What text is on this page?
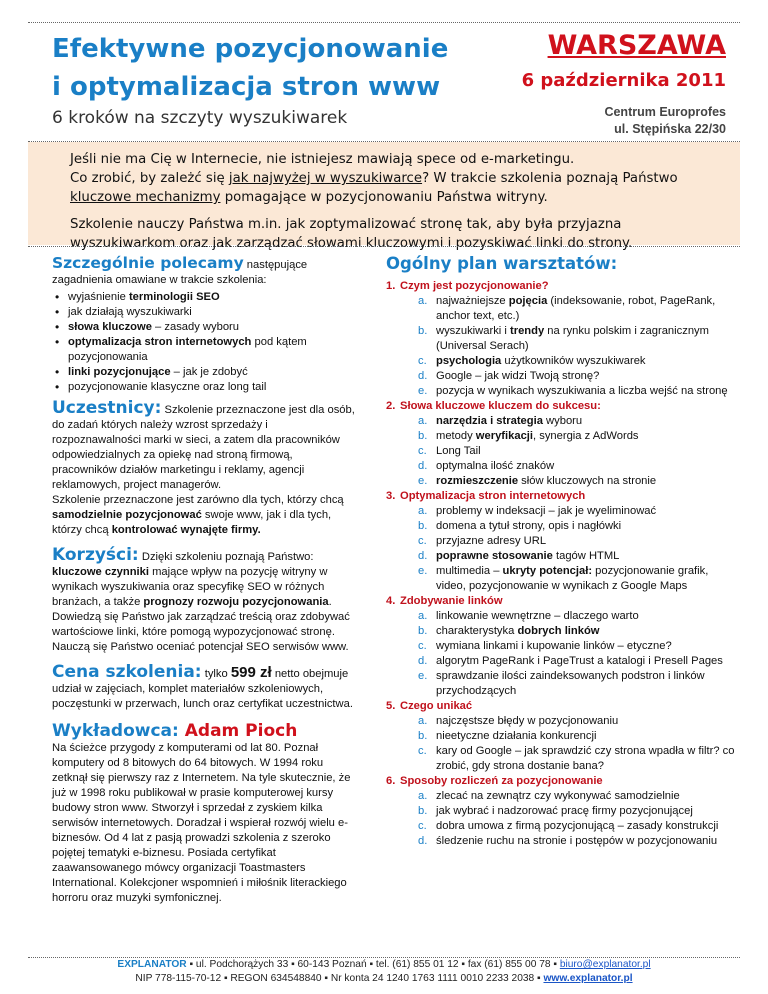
Efektywne pozycjonowanie
i optymalizacja stron www
6 kroków na szczyty wyszukiwarek
WARSZAWA
6 października 2011
Centrum Europrofes
ul. Stępińska 22/30

Jeśli nie ma Cię w Internecie, nie istniejesz mawiają spece od e-marketingu.
Co zrobić, by zależć się jak najwyżej w wyszukiwarce? W trakcie szkolenia poznają Państwo
kluczowe mechanizmy pomagające w pozycjonowaniu Państwa witryny.

Szkolenie nauczy Państwa m.in. jak zoptymalizować stronę tak, aby była przyjazna wyszukiwarkom oraz jak zarządzać słowami kluczowymi i pozyskiwać linki do strony.

Szczególnie polecamy następujące
zagadnienia omawiane w trakcie szkolenia:
• wyjaśnienie terminologii SEO
• jak działają wyszukiwarki
• słowa kluczowe – zasady wyboru
• optymalizacja stron internetowych pod kątem pozycjonowania
• linki pozycjonujące – jak je zdobyć
• pozycjonowanie klasyczne oraz long tail
Uczestnicy: Szkolenie przeznaczone jest dla osób, do zadań których należy wzrost sprzedaży i rozpoznawalności marki w sieci, a zatem dla pracowników odpowiedzialnych za opiekę nad stroną firmową, pracowników działów marketingu i reklamy, agencji reklamowych, project managerów.
Szkolenie przeznaczone jest zarówno dla tych, którzy chcą samodzielnie pozycjonować swoje www, jak i dla tych, którzy chcą kontrolować wynajęte firmy.
Korzyści: Dzięki szkoleniu poznają Państwo: kluczowe czynniki mające wpływ na pozycję witryny w wynikach wyszukiwania oraz specyfikę SEO w różnych branżach, a także prognozy rozwoju pozycjonowania. Dowiedzą się Państwo jak zarządzać treścią oraz zdobywać wartościowe linki, które pomogą wypozycjonować stronę. Nauczą się Państwo oceniać potencjał SEO serwisów www.
Cena szkolenia: tylko 599 zł netto obejmuje udział w zajęciach, komplet materiałów szkoleniowych, poczęstunki w przerwach, lunch oraz certyfikat uczestnictwa.
Wykładowca: Adam Pioch
Na ścieżce przygody z komputerami od lat 80. Poznał komputery od 8 bitowych do 64 bitowych. W 1994 roku zetknął się pierwszy raz z Internetem. Na tyle skutecznie, że już w 1998 roku publikował w prasie komputerowej kursy budowy stron www. Stworzył i sprzedał z zyskiem kilka serwisów internetowych. Doradzał i wspierał rozwój wielu e-biznesów. Od 4 lat z pasją prowadzi szkolenia z szeroko pojętej tematyki e-biznesu. Posiada certyfikat zaawansowanego mówcy organizacji Toastmasters International. Kolekcjoner wspomnień i miłośnik literackiego horroru oraz muzyki symfonicznej.
Ogólny plan warsztatów:
1. Czym jest pozycjonowanie?
a. najważniejsze pojęcia (indeksowanie, robot, PageRank, anchor text, etc.)
b. wyszukiwarki i trendy na rynku polskim i zagranicznym (Universal Serach)
c. psychologia użytkowników wyszukiwarek
d. Google – jak widzi Twoją stronę?
e. pozycja w wynikach wyszukiwania a liczba wejść na stronę
2. Słowa kluczowe kluczem do sukcesu:
a. narzędzia i strategia wyboru
b. metody weryfikacji, synergia z AdWords
c. Long Tail
d. optymalna ilość znaków
e. rozmieszczenie słów kluczowych na stronie
3. Optymalizacja stron internetowych
a. problemy w indeksacji – jak je wyeliminować
b. domena a tytuł strony, opis i nagłówki
c. przyjazne adresy URL
d. poprawne stosowanie tagów HTML
e. multimedia – ukryty potencjał: pozycjonowanie grafik, video, pozycjonowanie w wynikach z Google Maps
4. Zdobywanie linków
a. linkowanie wewnętrzne – dlaczego warto
b. charakterystyka dobrych linków
c. wymiana linkami i kupowanie linków – etyczne?
d. algorytm PageRank i PageTrust a katalogi i Presell Pages
e. sprawdzanie ilości zaindeksowanych podstron i linków przychodzących
5. Czego unikać
a. najczęstsze błędy w pozycjonowaniu
b. nieetyczne działania konkurencji
c. kary od Google – jak sprawdzić czy strona wpadła w filtr? co zrobić, gdy strona dostanie bana?
6. Sposoby rozliczeń za pozycjonowanie
a. zlecać na zewnątrz czy wykonywać samodzielnie
b. jak wybrać i nadzorować pracę firmy pozycjonującej
c. dobra umowa z firmą pozycjonującą – zasady konstrukcji
d. śledzenie ruchu na stronie i postępów w pozycjonowaniu
EXPLANATOR ▪ ul. Podchorążych 33 ▪ 60-143 Poznań ▪ tel. (61) 855 01 12 ▪ fax (61) 855 00 78 ▪ biuro@explanator.pl
NIP 778-115-70-12 ▪ REGON 634548840 ▪ Nr konta 24 1240 1763 1111 0010 2233 2038 ▪ www.explanator.pl
